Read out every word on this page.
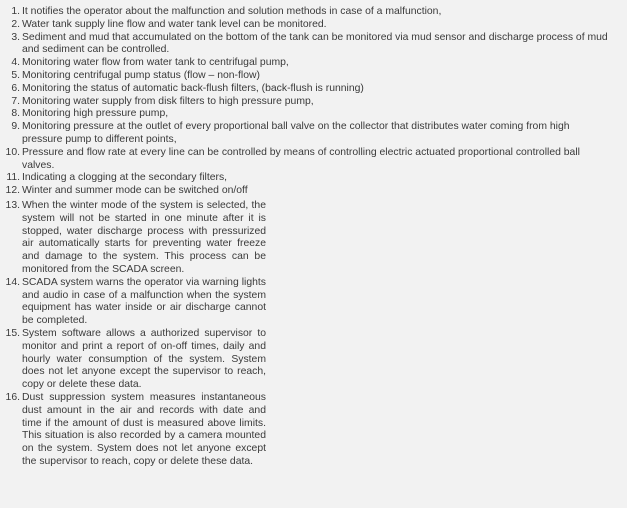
1. It notifies the operator about the malfunction and solution methods in case of a malfunction,
2. Water tank supply line flow and water tank level can be monitored.
3. Sediment and mud that accumulated on the bottom of the tank can be monitored via mud sensor and discharge process of mud and sediment can be controlled.
4. Monitoring water flow from water tank to centrifugal pump,
5. Monitoring centrifugal pump status (flow – non-flow)
6. Monitoring the status of automatic back-flush filters, (back-flush is running)
7. Monitoring water supply from disk filters to high pressure pump,
8. Monitoring high pressure pump,
9. Monitoring pressure at the outlet of every proportional ball valve on the collector that distributes water coming from high pressure pump to different points,
10. Pressure and flow rate at every line can be controlled by means of controlling electric actuated proportional controlled ball valves.
11. Indicating a clogging at the secondary filters,
12. Winter and summer mode can be switched on/off
13. When the winter mode of the system is selected, the system will not be started in one minute after it is stopped, water discharge process with pressurized air automatically starts for preventing water freeze and damage to the system. This process can be monitored from the SCADA screen.
14. SCADA system warns the operator via warning lights and audio in case of a malfunction when the system equipment has water inside or air discharge cannot be completed.
15. System software allows a authorized supervisor to monitor and print a report of on-off times, daily and hourly water consumption of the system. System does not let anyone except the supervisor to reach, copy or delete these data.
16. Dust suppression system measures instantaneous dust amount in the air and records with date and time if the amount of dust is measured above limits. This situation is also recorded by a camera mounted on the system. System does not let anyone except the supervisor to reach, copy or delete these data.
